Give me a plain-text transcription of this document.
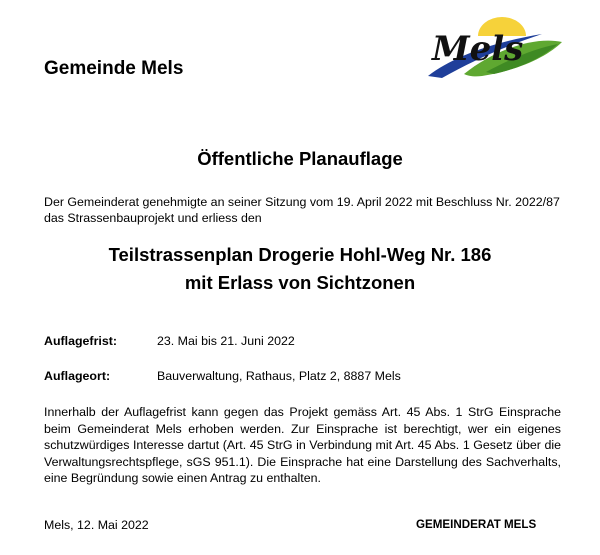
Gemeinde Mels	Mels
Öffentliche Planauflage
Der Gemeinderat genehmigte an seiner Sitzung vom 19. April 2022 mit Beschluss Nr. 2022/87 das Strassenbauprojekt und erliess den
Teilstrassenplan Drogerie Hohl-Weg Nr. 186
mit Erlass von Sichtzonen
Auflagefrist:	23. Mai bis 21. Juni 2022
Auflageort:	Bauverwaltung, Rathaus, Platz 2, 8887 Mels
Innerhalb der Auflagefrist kann gegen das Projekt gemäss Art. 45 Abs. 1 StrG Einsprache beim Gemeinderat Mels erhoben werden. Zur Einsprache ist berechtigt, wer ein eigenes schutzwürdiges Interesse dartut (Art. 45 StrG in Verbindung mit Art. 45 Abs. 1 Gesetz über die Verwaltungsrechtspflege, sGS 951.1). Die Einsprache hat eine Darstellung des Sachverhalts, eine Begründung sowie einen Antrag zu enthalten.
Mels, 12. Mai 2022	GEMEINDERAT MELS
